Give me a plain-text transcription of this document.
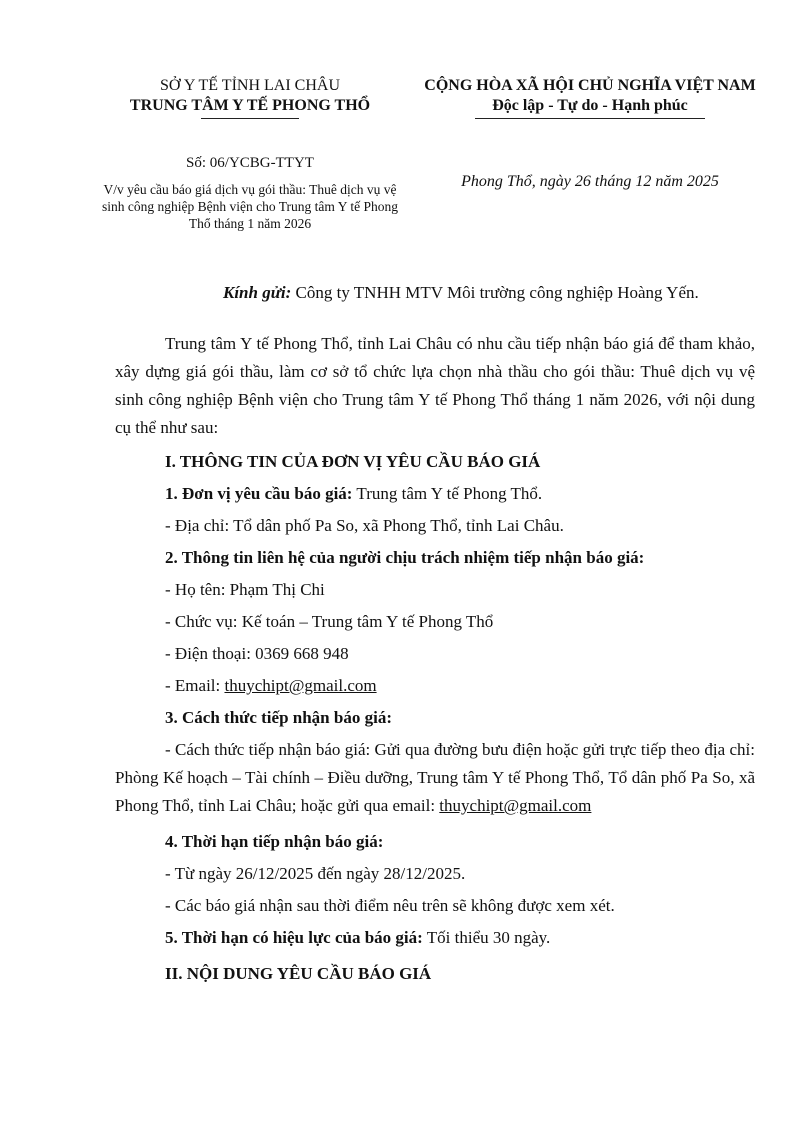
SỞ Y TẾ TỈNH LAI CHÂU
TRUNG TÂM Y TẾ PHONG THỔ
Số: 06/YCBG-TTYT
V/v yêu cầu báo giá dịch vụ gói thầu: Thuê dịch vụ vệ sinh công nghiệp Bệnh viện cho Trung tâm Y tế Phong Thổ tháng 1 năm 2026
CỘNG HÒA XÃ HỘI CHỦ NGHĨA VIỆT NAM
Độc lập - Tự do - Hạnh phúc
Phong Thổ, ngày 26 tháng 12 năm 2025
Kính gửi: Công ty TNHH MTV Môi trường công nghiệp Hoàng Yến.
Trung tâm Y tế Phong Thổ, tỉnh Lai Châu có nhu cầu tiếp nhận báo giá để tham khảo, xây dựng giá gói thầu, làm cơ sở tổ chức lựa chọn nhà thầu cho gói thầu: Thuê dịch vụ vệ sinh công nghiệp Bệnh viện cho Trung tâm Y tế Phong Thổ tháng 1 năm 2026, với nội dung cụ thể như sau:
I. THÔNG TIN CỦA ĐƠN VỊ YÊU CẦU BÁO GIÁ
1. Đơn vị yêu cầu báo giá: Trung tâm Y tế Phong Thổ.
- Địa chỉ: Tổ dân phố Pa So, xã Phong Thổ, tỉnh Lai Châu.
2. Thông tin liên hệ của người chịu trách nhiệm tiếp nhận báo giá:
- Họ tên: Phạm Thị Chi
- Chức vụ: Kế toán – Trung tâm Y tế Phong Thổ
- Điện thoại: 0369 668 948
- Email: thuychipt@gmail.com
3. Cách thức tiếp nhận báo giá:
- Cách thức tiếp nhận báo giá: Gửi qua đường bưu điện hoặc gửi trực tiếp theo địa chỉ: Phòng Kế hoạch – Tài chính – Điều dưỡng, Trung tâm Y tế Phong Thổ, Tổ dân phố Pa So, xã Phong Thổ, tỉnh Lai Châu; hoặc gửi qua email: thuychipt@gmail.com
4. Thời hạn tiếp nhận báo giá:
- Từ ngày 26/12/2025 đến ngày 28/12/2025.
- Các báo giá nhận sau thời điểm nêu trên sẽ không được xem xét.
5. Thời hạn có hiệu lực của báo giá: Tối thiểu 30 ngày.
II. NỘI DUNG YÊU CẦU BÁO GIÁ
